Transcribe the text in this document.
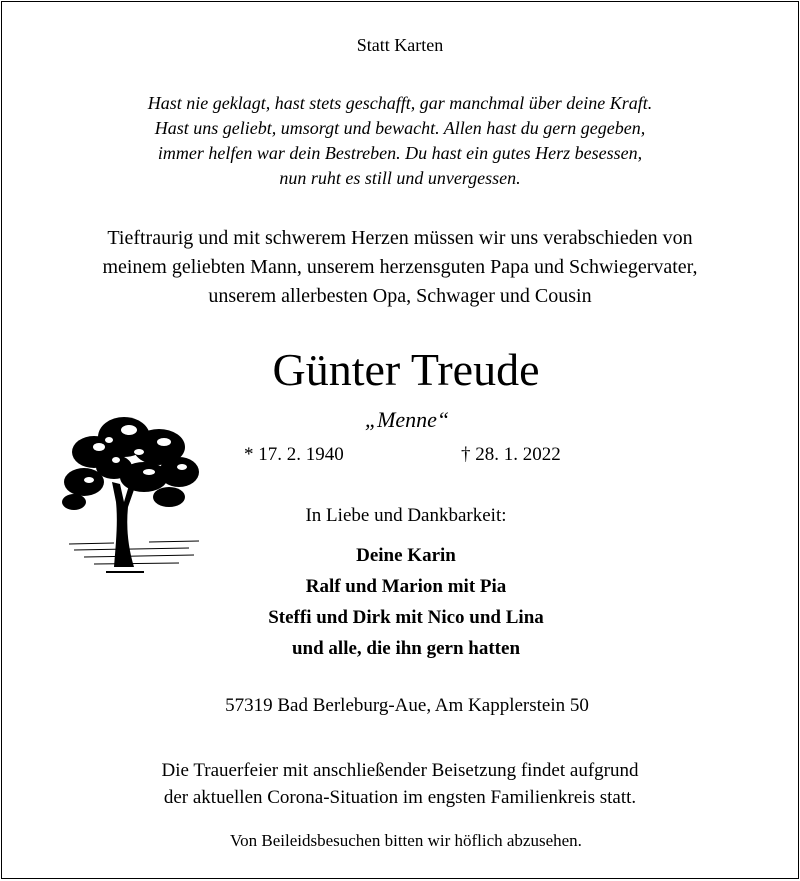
Statt Karten
Hast nie geklagt, hast stets geschafft, gar manchmal über deine Kraft.
Hast uns geliebt, umsorgt und bewacht. Allen hast du gern gegeben,
immer helfen war dein Bestreben. Du hast ein gutes Herz besessen,
nun ruht es still und unvergessen.
Tieftraurig und mit schwerem Herzen müssen wir uns verabschieden von
meinem geliebten Mann, unserem herzensguten Papa und Schwiegervater,
unserem allerbesten Opa, Schwager und Cousin
Günter Treude
„Menne“
* 17. 2. 1940	† 28. 1. 2022
In Liebe und Dankbarkeit:
Deine Karin
Ralf und Marion mit Pia
Steffi und Dirk mit Nico und Lina
und alle, die ihn gern hatten
57319 Bad Berleburg-Aue, Am Kapplerstein 50
Die Trauerfeier mit anschließender Beisetzung findet aufgrund
der aktuellen Corona-Situation im engsten Familienkreis statt.
Von Beileidsbesuchen bitten wir höflich abzusehen.
